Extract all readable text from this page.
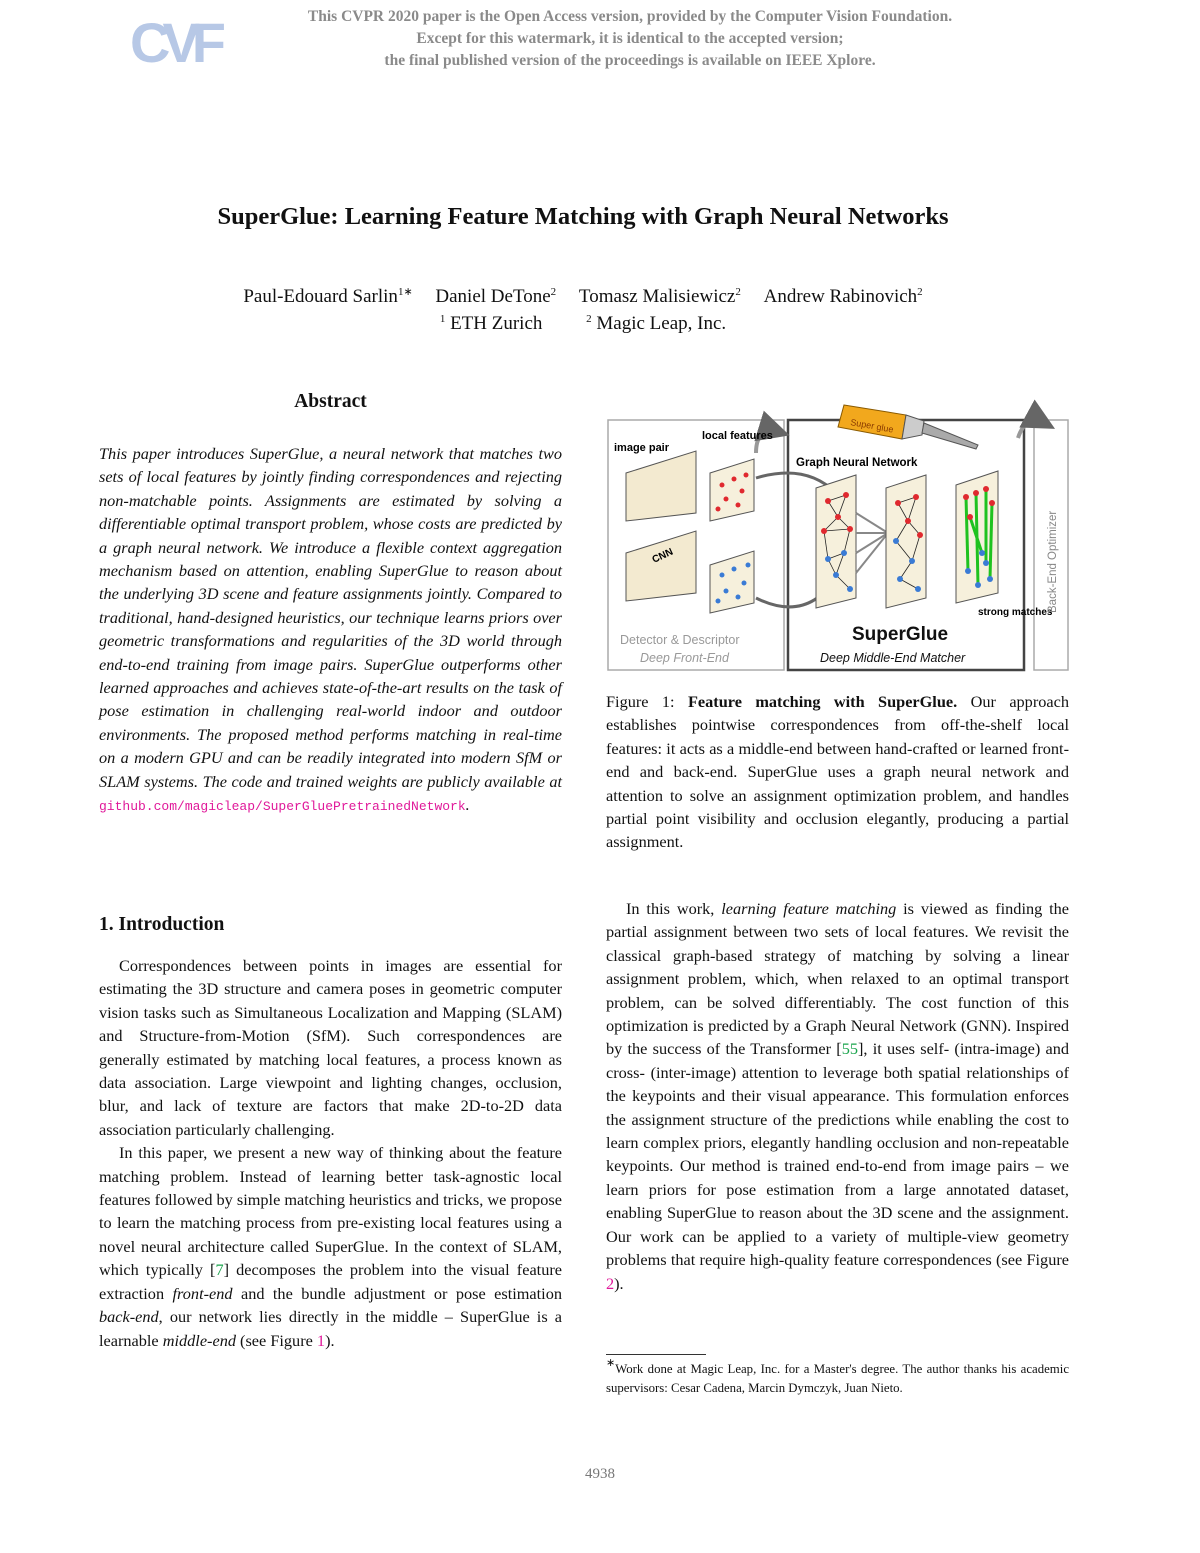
CVF	This CVPR 2020 paper is the Open Access version, provided by the Computer Vision Foundation.
Except for this watermark, it is identical to the accepted version;
the final published version of the proceedings is available on IEEE Xplore.
SuperGlue: Learning Feature Matching with Graph Neural Networks
Paul-Edouard Sarlin$^{1∗}$ Daniel DeTone$^2$ Tomasz Malisiewicz$^2$ Andrew Rabinovich$^2$
$^1$ ETH Zurich	$^2$ Magic Leap, Inc.
Abstract
This paper introduces SuperGlue, a neural network that matches two sets of local features by jointly finding correspondences and rejecting non-matchable points. Assignments are estimated by solving a differentiable optimal transport problem, whose costs are predicted by a graph neural network. We introduce a flexible context aggregation mechanism based on attention, enabling SuperGlue to reason about the underlying 3D scene and feature assignments jointly. Compared to traditional, hand-designed heuristics, our technique learns priors over geometric transformations and regularities of the 3D world through end-to-end training from image pairs. SuperGlue outperforms other learned approaches and achieves state-of-the-art results on the task of pose estimation in challenging real-world indoor and outdoor environments. The proposed method performs matching in real-time on a modern GPU and can be readily integrated into modern SfM or SLAM systems. The code and trained weights are publicly available at github.com/magicleap/SuperGluePretrainedNetwork.
1. Introduction

Correspondences between points in images are essential for estimating the 3D structure and camera poses in geometric computer vision tasks such as Simultaneous Localization and Mapping (SLAM) and Structure-from-Motion (SfM). Such correspondences are generally estimated by matching local features, a process known as data association. Large viewpoint and lighting changes, occlusion, blur, and lack of texture are factors that make 2D-to-2D data association particularly challenging.

In this paper, we present a new way of thinking about the feature matching problem. Instead of learning better task-agnostic local features followed by simple matching heuristics and tricks, we propose to learn the matching process from pre-existing local features using a novel neural architecture called SuperGlue. In the context of SLAM, which typically [7] decomposes the problem into the visual feature extraction front-end and the bundle adjustment or pose estimation back-end, our network lies directly in the middle – SuperGlue is a learnable middle-end (see Figure 1).

image pair
local features
Graph Neural Network
CNN
strong matches
Super glue
Back-End Optimizer
Detector & Descriptor
Deep Front-End
SuperGlue
Deep Middle-End Matcher
Figure 1: Feature matching with SuperGlue. Our approach establishes pointwise correspondences from off-the-shelf local features: it acts as a middle-end between hand-crafted or learned front-end and back-end. SuperGlue uses a graph neural network and attention to solve an assignment optimization problem, and handles partial point visibility and occlusion elegantly, producing a partial assignment.

In this work, learning feature matching is viewed as finding the partial assignment between two sets of local features. We revisit the classical graph-based strategy of matching by solving a linear assignment problem, which, when relaxed to an optimal transport problem, can be solved differentiably. The cost function of this optimization is predicted by a Graph Neural Network (GNN). Inspired by the success of the Transformer [55], it uses self- (intra-image) and cross- (inter-image) attention to leverage both spatial relationships of the keypoints and their visual appearance. This formulation enforces the assignment structure of the predictions while enabling the cost to learn complex priors, elegantly handling occlusion and non-repeatable keypoints. Our method is trained end-to-end from image pairs – we learn priors for pose estimation from a large annotated dataset, enabling SuperGlue to reason about the 3D scene and the assignment. Our work can be applied to a variety of multiple-view geometry problems that require high-quality feature correspondences (see Figure 2).

∗Work done at Magic Leap, Inc. for a Master's degree. The author thanks his academic supervisors: Cesar Cadena, Marcin Dymczyk, Juan Nieto.
4938
